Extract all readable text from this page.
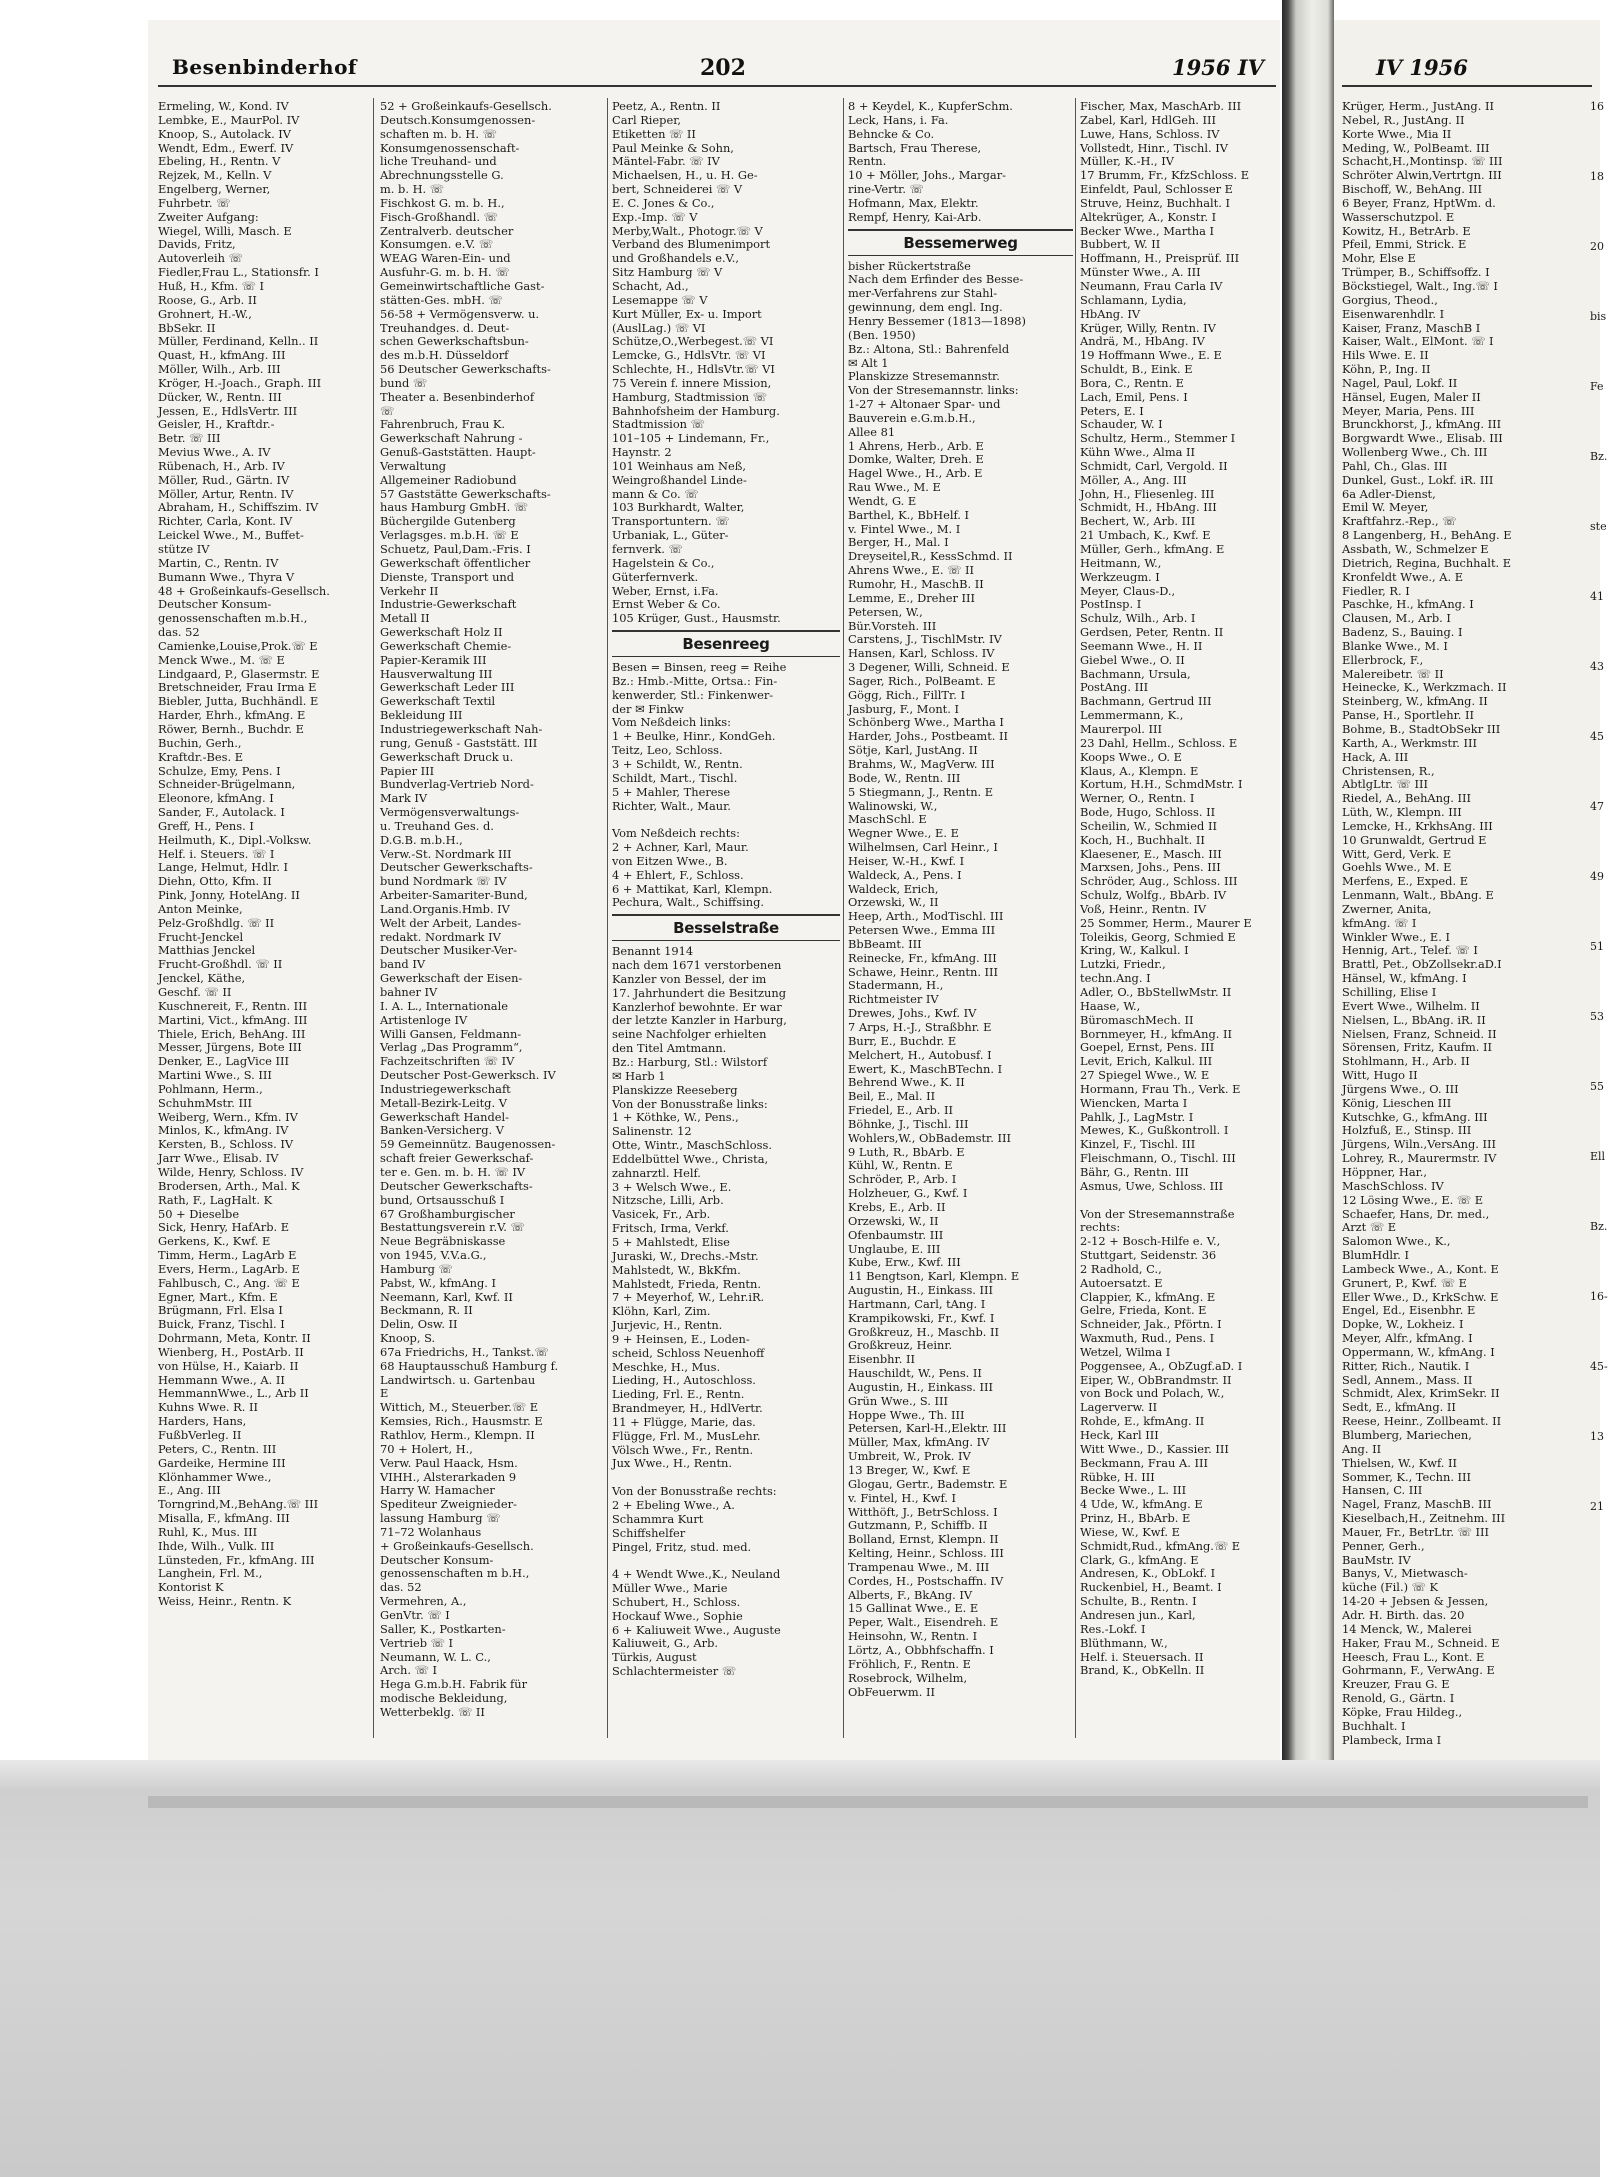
Besenbinderhof	202	1956 IV	IV 1956
Ermeling, W., Kond. IV
Lembke, E., MaurPol. IV
Knoop, S., Autolack. IV
Wendt, Edm., Ewerf. IV
Ebeling, H., Rentn. V
Rejzek, M., Kelln. V
Engelberg, Werner,
Fuhrbetr. ☏
Zweiter Aufgang:
Wiegel, Willi, Masch. E
Davids, Fritz,
Autoverleih ☏
Fiedler,Frau L., Stationsfr. I
Huß, H., Kfm. ☏ I
Roose, G., Arb. II
Grohnert, H.-W.,
BbSekr. II
Müller, Ferdinand, Kelln.. II
Quast, H., kfmAng. III
Möller, Wilh., Arb. III
Kröger, H.-Joach., Graph. III
Dücker, W., Rentn. III
Jessen, E., HdlsVertr. III
Geisler, H., Kraftdr.-
Betr. ☏ III
Mevius Wwe., A. IV
Rübenach, H., Arb. IV
Möller, Rud., Gärtn. IV
Möller, Artur, Rentn. IV
Abraham, H., Schiffszim. IV
Richter, Carla, Kont. IV
Leickel Wwe., M., Buffet-
stütze IV
Martin, C., Rentn. IV
Bumann Wwe., Thyra V
48 + Großeinkaufs-Gesellsch.
Deutscher Konsum-
genossenschaften m.b.H.,
das. 52
Camienke,Louise,Prok.☏ E
Menck Wwe., M. ☏ E
Lindgaard, P., Glasermstr. E
Bretschneider, Frau Irma E
Biebler, Jutta, Buchhändl. E
Harder, Ehrh., kfmAng. E
Röwer, Bernh., Buchdr. E
Buchin, Gerh.,
Kraftdr.-Bes. E
Schulze, Emy, Pens. I
Schneider-Brügelmann,
Eleonore, kfmAng. I
Sander, F., Autolack. I
Greff, H., Pens. I
Heilmuth, K., Dipl.-Volksw.
Helf. i. Steuers. ☏ I
Lange, Helmut, Hdlr. I
Diehn, Otto, Kfm. II
Pink, Jonny, HotelAng. II
Anton Meinke,
Pelz-Großhdlg. ☏ II
Frucht-Jenckel
Matthias Jenckel
Frucht-Großhdl. ☏ II
Jenckel, Käthe,
Geschf. ☏ II
Kuschnereit, F., Rentn. III
Martini, Vict., kfmAng. III
Thiele, Erich, BehAng. III
Messer, Jürgens, Bote III
Denker, E., LagVice III
Martini Wwe., S. III
Pohlmann, Herm.,
SchuhmMstr. III
Weiberg, Wern., Kfm. IV
Minlos, K., kfmAng. IV
Kersten, B., Schloss. IV
Jarr Wwe., Elisab. IV
Wilde, Henry, Schloss. IV
Brodersen, Arth., Mal. K
Rath, F., LagHalt. K
50 + Dieselbe
Sick, Henry, HafArb. E
Gerkens, K., Kwf. E
Timm, Herm., LagArb E
Evers, Herm., LagArb. E
Fahlbusch, C., Ang. ☏ E
Egner, Mart., Kfm. E
Brügmann, Frl. Elsa I
Buick, Franz, Tischl. I
Dohrmann, Meta, Kontr. II
Wienberg, H., PostArb. II
von Hülse, H., Kaiarb. II
Hemmann Wwe., A. II
HemmannWwe., L., Arb II
Kuhns Wwe. R. II
Harders, Hans,
FußbVerleg. II
Peters, C., Rentn. III
Gardeike, Hermine III
Klönhammer Wwe.,
E., Ang. III
Torngrind,M.,BehAng.☏ III
Misalla, F., kfmAng. III
Ruhl, K., Mus. III
Ihde, Wilh., Vulk. III
Lünsteden, Fr., kfmAng. III
Langhein, Frl. M.,
Kontorist K
Weiss, Heinr., Rentn. K
52 + Großeinkaufs-Gesellsch.
Deutsch.Konsumgenossen-
schaften m. b. H. ☏
Konsumgenossenschaft-
liche Treuhand- und
Abrechnungsstelle G.
m. b. H. ☏
Fischkost G. m. b. H.,
Fisch-Großhandl. ☏
Zentralverb. deutscher
Konsumgen. e.V. ☏
WEAG Waren-Ein- und
Ausfuhr-G. m. b. H. ☏
Gemeinwirtschaftliche Gast-
stätten-Ges. mbH. ☏
56-58 + Vermögensverw. u.
Treuhandges. d. Deut-
schen Gewerkschaftsbun-
des m.b.H. Düsseldorf
56 Deutscher Gewerkschafts-
bund ☏
Theater a. Besenbinderhof
☏
Fahrenbruch, Frau K.
Gewerkschaft Nahrung -
Genuß-Gaststätten. Haupt-
Verwaltung
Allgemeiner Radiobund
57 Gaststätte Gewerkschafts-
haus Hamburg GmbH. ☏
Büchergilde Gutenberg
Verlagsges. m.b.H. ☏ E
Schuetz, Paul,Dam.-Fris. I
Gewerkschaft öffentlicher
Dienste, Transport und
Verkehr II
Industrie-Gewerkschaft
Metall II
Gewerkschaft Holz II
Gewerkschaft Chemie-
Papier-Keramik III
Hausverwaltung III
Gewerkschaft Leder III
Gewerkschaft Textil
Bekleidung III
Industriegewerkschaft Nah-
rung, Genuß - Gaststätt. III
Gewerkschaft Druck u.
Papier III
Bundverlag-Vertrieb Nord-
Mark IV
Vermögensverwaltungs-
u. Treuhand Ges. d.
D.G.B. m.b.H.,
Verw.-St. Nordmark III
Deutscher Gewerkschafts-
bund Nordmark ☏ IV
Arbeiter-Samariter-Bund,
Land.Organis.Hmb. IV
Welt der Arbeit, Landes-
redakt. Nordmark IV
Deutscher Musiker-Ver-
band IV
Gewerkschaft der Eisen-
bahner IV
I. A. L., Internationale
Artistenloge IV
Willi Gansen, Feldmann-
Verlag „Das Programm“,
Fachzeitschriften ☏ IV
Deutscher Post-Gewerksch. IV
Industriegewerkschaft
Metall-Bezirk-Leitg. V
Gewerkschaft Handel-
Banken-Versicherg. V
59 Gemeinnütz. Baugenossen-
schaft freier Gewerkschaf-
ter e. Gen. m. b. H. ☏ IV
Deutscher Gewerkschafts-
bund, Ortsausschuß I
67 Großhamburgischer
Bestattungsverein r.V. ☏
Neue Begräbniskasse
von 1945, V.V.a.G.,
Hamburg ☏
Pabst, W., kfmAng. I
Neemann, Karl, Kwf. II
Beckmann, R. II
Delin, Osw. II
Knoop, S.
67a Friedrichs, H., Tankst.☏
68 Hauptausschuß Hamburg f.
Landwirtsch. u. Gartenbau
E
Wittich, M., Steuerber.☏ E
Kemsies, Rich., Hausmstr. E
Rathlov, Herm., Klempn. II
70 + Holert, H.,
Verw. Paul Haack, Hsm.
VIHH., Alsterarkaden 9
Harry W. Hamacher
Spediteur Zweignieder-
lassung Hamburg ☏
71–72 Wolanhaus
+ Großeinkaufs-Gesellsch.
Deutscher Konsum-
genossenschaften m b.H.,
das. 52
Vermehren, A.,
GenVtr. ☏ I
Saller, K., Postkarten-
Vertrieb ☏ I
Neumann, W. L. C.,
Arch. ☏ I
Hega G.m.b.H. Fabrik für
modische Bekleidung,
Wetterbeklg. ☏ II
Peetz, A., Rentn. II
Carl Rieper,
Etiketten ☏ II
Paul Meinke & Sohn,
Mäntel-Fabr. ☏ IV
Michaelsen, H., u. H. Ge-
bert, Schneiderei ☏ V
E. C. Jones & Co.,
Exp.-Imp. ☏ V
Merby,Walt., Photogr.☏ V
Verband des Blumenimport
und Großhandels e.V.,
Sitz Hamburg ☏ V
Schacht, Ad.,
Lesemappe ☏ V
Kurt Müller, Ex- u. Import
(AuslLag.) ☏ VI
Schütze,O.,Werbegest.☏ VI
Lemcke, G., HdlsVtr. ☏ VI
Schlechte, H., HdlsVtr.☏ VI
75 Verein f. innere Mission,
Hamburg, Stadtmission ☏
Bahnhofsheim der Hamburg.
Stadtmission ☏
101–105 + Lindemann, Fr.,
Haynstr. 2
101 Weinhaus am Neß,
Weingroßhandel Linde-
mann & Co. ☏
103 Burkhardt, Walter,
Transportuntern. ☏
Urbaniak, L., Güter-
fernverk. ☏
Hagelstein & Co.,
Güterfernverk.
Weber, Ernst, i.Fa.
Ernst Weber & Co.
105 Krüger, Gust., Hausmstr.
Besenreeg
Besen = Binsen, reeg = Reihe
Bz.: Hmb.-Mitte, Ortsa.: Fin-
kenwerder, Stl.: Finkenwer-
der ✉ Finkw
Vom Neßdeich links:
1 + Beulke, Hinr., KondGeh.
Teitz, Leo, Schloss.
3 + Schildt, W., Rentn.
Schildt, Mart., Tischl.
5 + Mahler, Therese
Richter, Walt., Maur.
Vom Neßdeich rechts:
2 + Achner, Karl, Maur.
von Eitzen Wwe., B.
4 + Ehlert, F., Schloss.
6 + Mattikat, Karl, Klempn.
Pechura, Walt., Schiffsing.
Besselstraße
Benannt 1914
nach dem 1671 verstorbenen
Kanzler von Bessel, der im
17. Jahrhundert die Besitzung
Kanzlerhof bewohnte. Er war
der letzte Kanzler in Harburg,
seine Nachfolger erhielten
den Titel Amtmann.
Bz.: Harburg, Stl.: Wilstorf
✉ Harb 1
Planskizze Reeseberg
Von der Bonusstraße links:
1 + Köthke, W., Pens.,
Salinenstr. 12
Otte, Wintr., MaschSchloss.
Eddelbüttel Wwe., Christa,
zahnarztl. Helf.
3 + Welsch Wwe., E.
Nitzsche, Lilli, Arb.
Vasicek, Fr., Arb.
Fritsch, Irma, Verkf.
5 + Mahlstedt, Elise
Juraski, W., Drechs.-Mstr.
Mahlstedt, W., BkKfm.
Mahlstedt, Frieda, Rentn.
7 + Meyerhof, W., Lehr.iR.
Klöhn, Karl, Zim.
Jurjevic, H., Rentn.
9 + Heinsen, E., Loden-
scheid, Schloss Neuenhoff
Meschke, H., Mus.
Lieding, H., Autoschloss.
Lieding, Frl. E., Rentn.
Brandmeyer, H., HdlVertr.
11 + Flügge, Marie, das.
Flügge, Frl. M., MusLehr.
Völsch Wwe., Fr., Rentn.
Jux Wwe., H., Rentn.
Von der Bonusstraße rechts:
2 + Ebeling Wwe., A.
Schammra Kurt
Schiffshelfer
Pingel, Fritz, stud. med.
4 + Wendt Wwe.,K., Neuland
Müller Wwe., Marie
Schubert, H., Schloss.
Hockauf Wwe., Sophie
6 + Kaliuweit Wwe., Auguste
Kaliuweit, G., Arb.
Türkis, August
Schlachtermeister ☏
8 + Keydel, K., KupferSchm.
Leck, Hans, i. Fa.
Behncke & Co.
Bartsch, Frau Therese,
Rentn.
10 + Möller, Johs., Margar-
rine-Vertr. ☏
Hofmann, Max, Elektr.
Rempf, Henry, Kai-Arb.
Bessemerweg
bisher Rückertstraße
Nach dem Erfinder des Besse-
mer-Verfahrens zur Stahl-
gewinnung, dem engl. Ing.
Henry Bessemer (1813—1898)
(Ben. 1950)
Bz.: Altona, Stl.: Bahrenfeld
✉ Alt 1
Planskizze Stresemannstr.
Von der Stresemannstr. links:
1-27 + Altonaer Spar- und
Bauverein e.G.m.b.H.,
Allee 81
1 Ahrens, Herb., Arb. E
Domke, Walter, Dreh. E
Hagel Wwe., H., Arb. E
Rau Wwe., M. E
Wendt, G. E
Barthel, K., BbHelf. I
v. Fintel Wwe., M. I
Berger, H., Mal. I
Dreyseitel,R., KessSchmd. II
Ahrens Wwe., E. ☏ II
Rumohr, H., MaschB. II
Lemme, E., Dreher III
Petersen, W.,
Bür.Vorsteh. III
Carstens, J., TischlMstr. IV
Hansen, Karl, Schloss. IV
3 Degener, Willi, Schneid. E
Sager, Rich., PolBeamt. E
Gögg, Rich., FillTr. I
Jasburg, F., Mont. I
Schönberg Wwe., Martha I
Harder, Johs., Postbeamt. II
Sötje, Karl, JustAng. II
Brahms, W., MagVerw. III
Bode, W., Rentn. III
5 Stiegmann, J., Rentn. E
Walinowski, W.,
MaschSchl. E
Wegner Wwe., E. E
Wilhelmsen, Carl Heinr., I
Heiser, W.-H., Kwf. I
Waldeck, A., Pens. I
Waldeck, Erich,
Orzewski, W., II
Heep, Arth., ModTischl. III
Petersen Wwe., Emma III
BbBeamt. III
Reinecke, Fr., kfmAng. III
Schawe, Heinr., Rentn. III
Stadermann, H.,
Richtmeister IV
Drewes, Johs., Kwf. IV
7 Arps, H.-J., Straßbhr. E
Burr, E., Buchdr. E
Melchert, H., Autobusf. I
Ewert, K., MaschBTechn. I
Behrend Wwe., K. II
Beil, E., Mal. II
Friedel, E., Arb. II
Böhnke, J., Tischl. III
Wohlers,W., ObBademstr. III
9 Luth, R., BbArb. E
Kühl, W., Rentn. E
Schröder, P., Arb. I
Holzheuer, G., Kwf. I
Krebs, E., Arb. II
Orzewski, W., II
Ofenbaumstr. III
Unglaube, E. III
Kube, Erw., Kwf. III
11 Bengtson, Karl, Klempn. E
Augustin, H., Einkass. III
Hartmann, Carl, tAng. I
Krampikowski, Fr., Kwf. I
Großkreuz, H., Maschb. II
Großkreuz, Heinr.
Eisenbhr. II
Hauschildt, W., Pens. II
Augustin, H., Einkass. III
Grün Wwe., S. III
Hoppe Wwe., Th. III
Petersen, Karl-H.,Elektr. III
Müller, Max, kfmAng. IV
Umbreit, W., Prok. IV
13 Breger, W., Kwf. E
Glogau, Gertr., Bademstr. E
v. Fintel, H., Kwf. I
Witthöft, J., BetrSchloss. I
Gutzmann, P., Schiffb. II
Bolland, Ernst, Klempn. II
Kelting, Heinr., Schloss. III
Trampenau Wwe., M. III
Cordes, H., Postschaffn. IV
Alberts, F., BkAng. IV
15 Gallinat Wwe., E. E
Peper, Walt., Eisendreh. E
Heinsohn, W., Rentn. I
Lörtz, A., Obbhfschaffn. I
Fröhlich, F., Rentn. E
Rosebrock, Wilhelm,
ObFeuerwm. II
Fischer, Max, MaschArb. III
Zabel, Karl, HdlGeh. III
Luwe, Hans, Schloss. IV
Vollstedt, Hinr., Tischl. IV
Müller, K.-H., IV
17 Brumm, Fr., KfzSchloss. E
Einfeldt, Paul, Schlosser E
Struve, Heinz, Buchhalt. I
Altekrüger, A., Konstr. I
Becker Wwe., Martha I
Bubbert, W. II
Hoffmann, H., Preisprüf. III
Münster Wwe., A. III
Neumann, Frau Carla IV
Schlamann, Lydia,
HbAng. IV
Krüger, Willy, Rentn. IV
Andrä, M., HbAng. IV
19 Hoffmann Wwe., E. E
Schuldt, B., Eink. E
Bora, C., Rentn. E
Lach, Emil, Pens. I
Peters, E. I
Schauder, W. I
Schultz, Herm., Stemmer I
Kühn Wwe., Alma II
Schmidt, Carl, Vergold. II
Möller, A., Ang. III
John, H., Fliesenleg. III
Schmidt, H., HbAng. III
Bechert, W., Arb. III
21 Umbach, K., Kwf. E
Müller, Gerh., kfmAng. E
Heitmann, W.,
Werkzeugm. I
Meyer, Claus-D.,
PostInsp. I
Schulz, Wilh., Arb. I
Gerdsen, Peter, Rentn. II
Seemann Wwe., H. II
Giebel Wwe., O. II
Bachmann, Ursula,
PostAng. III
Bachmann, Gertrud III
Lemmermann, K.,
Maurerpol. III
23 Dahl, Hellm., Schloss. E
Koops Wwe., O. E
Klaus, A., Klempn. E
Kortum, H.H., SchmdMstr. I
Werner, O., Rentn. I
Bode, Hugo, Schloss. II
Scheilin, W., Schmied II
Koch, H., Buchhalt. II
Klaesener, E., Masch. III
Marxsen, Johs., Pens. III
Schröder, Aug., Schloss. III
Schulz, Wolfg., BbArb. IV
Voß, Heinr., Rentn. IV
25 Sommer, Herm., Maurer E
Toleikis, Georg, Schmied E
Kring, W., Kalkul. I
Lutzki, Friedr.,
techn.Ang. I
Adler, O., BbStellwMstr. II
Haase, W.,
BüromaschMech. II
Bornmeyer, H., kfmAng. II
Goepel, Ernst, Pens. III
Levit, Erich, Kalkul. III
27 Spiegel Wwe., W. E
Hormann, Frau Th., Verk. E
Wiencken, Marta I
Pahlk, J., LagMstr. I
Mewes, K., Gußkontroll. I
Kinzel, F., Tischl. III
Fleischmann, O., Tischl. III
Bähr, G., Rentn. III
Asmus, Uwe, Schloss. III
Von der Stresemannstraße
rechts:
2-12 + Bosch-Hilfe e. V.,
Stuttgart, Seidenstr. 36
2 Radhold, C.,
Autoersatzt. E
Clappier, K., kfmAng. E
Gelre, Frieda, Kont. E
Schneider, Jak., Pförtn. I
Waxmuth, Rud., Pens. I
Wetzel, Wilma I
Poggensee, A., ObZugf.aD. I
Eiper, W., ObBrandmstr. II
von Bock und Polach, W.,
Lagerverw. II
Rohde, E., kfmAng. II
Heck, Karl III
Witt Wwe., D., Kassier. III
Beckmann, Frau A. III
Rübke, H. III
Becke Wwe., L. III
4 Ude, W., kfmAng. E
Prinz, H., BbArb. E
Wiese, W., Kwf. E
Schmidt,Rud., kfmAng.☏ E
Clark, G., kfmAng. E
Andresen, K., ObLokf. I
Ruckenbiel, H., Beamt. I
Schulte, B., Rentn. I
Andresen jun., Karl,
Res.-Lokf. I
Blüthmann, W.,
Helf. i. Steuersach. II
Brand, K., ObKelln. II
Krüger, Herm., JustAng. II
Nebel, R., JustAng. II
Korte Wwe., Mia II
Meding, W., PolBeamt. III
Schacht,H.,Montinsp. ☏ III
Schröter Alwin,Vertrtgn. III
Bischoff, W., BehAng. III
6 Beyer, Franz, HptWm. d.
Wasserschutzpol. E
Kowitz, H., BetrArb. E
Pfeil, Emmi, Strick. E
Mohr, Else E
Trümper, B., Schiffsoffz. I
Böckstiegel, Walt., Ing.☏ I
Gorgius, Theod.,
Eisenwarenhdlr. I
Kaiser, Franz, MaschB I
Kaiser, Walt., ElMont. ☏ I
Hils Wwe. E. II
Köhn, P., Ing. II
Nagel, Paul, Lokf. II
Hänsel, Eugen, Maler II
Meyer, Maria, Pens. III
Brunckhorst, J., kfmAng. III
Borgwardt Wwe., Elisab. III
Wollenberg Wwe., Ch. III
Pahl, Ch., Glas. III
Dunkel, Gust., Lokf. iR. III
6a Adler-Dienst,
Emil W. Meyer,
Kraftfahrz.-Rep., ☏
8 Langenberg, H., BehAng. E
Assbath, W., Schmelzer E
Dietrich, Regina, Buchhalt. E
Kronfeldt Wwe., A. E
Fiedler, R. I
Paschke, H., kfmAng. I
Clausen, M., Arb. I
Badenz, S., Bauing. I
Blanke Wwe., M. I
Ellerbrock, F.,
Malereibetr. ☏ II
Heinecke, K., Werkzmach. II
Steinberg, W., kfmAng. II
Panse, H., Sportlehr. II
Bohme, B., StadtObSekr III
Karth, A., Werkmstr. III
Hack, A. III
Christensen, R.,
AbtlgLtr. ☏ III
Riedel, A., BehAng. III
Lüth, W., Klempn. III
Lemcke, H., KrkhsAng. III
10 Grunwaldt, Gertrud E
Witt, Gerd, Verk. E
Goehls Wwe., M. E
Merfens, E., Exped. E
Lenmann, Walt., BbAng. E
Zwerner, Anita,
kfmAng. ☏ I
Winkler Wwe., E. I
Hennig, Art., Telef. ☏ I
Brattl, Pet., ObZollsekr.aD.I
Hänsel, W., kfmAng. I
Schilling, Elise I
Evert Wwe., Wilhelm. II
Nielsen, L., BbAng. iR. II
Nielsen, Franz, Schneid. II
Sörensen, Fritz, Kaufm. II
Stohlmann, H., Arb. II
Witt, Hugo II
Jürgens Wwe., O. III
König, Lieschen III
Kutschke, G., kfmAng. III
Holzfuß, E., Stinsp. III
Jürgens, Wiln.,VersAng. III
Lohrey, R., Maurermstr. IV
Höppner, Har.,
MaschSchloss. IV
12 Lösing Wwe., E. ☏ E
Schaefer, Hans, Dr. med.,
Arzt ☏ E
Salomon Wwe., K.,
BlumHdlr. I
Lambeck Wwe., A., Kont. E
Grunert, P., Kwf. ☏ E
Eller Wwe., D., KrkSchw. E
Engel, Ed., Eisenbhr. E
Dopke, W., Lokheiz. I
Meyer, Alfr., kfmAng. I
Oppermann, W., kfmAng. I
Ritter, Rich., Nautik. I
Sedl, Annem., Mass. II
Schmidt, Alex, KrimSekr. II
Sedt, E., kfmAng. II
Reese, Heinr., Zollbeamt. II
Blumberg, Mariechen,
Ang. II
Thielsen, W., Kwf. II
Sommer, K., Techn. III
Hansen, C. III
Nagel, Franz, MaschB. III
Kieselbach,H., Zeitnehm. III
Mauer, Fr., BetrLtr. ☏ III
Penner, Gerh.,
BauMstr. IV
Banys, V., Mietwasch-
küche (Fil.) ☏ K
14-20 + Jebsen & Jessen,
Adr. H. Birth. das. 20
14 Menck, W., Malerei
Haker, Frau M., Schneid. E
Heesch, Frau L., Kont. E
Gohrmann, F., VerwAng. E
Kreuzer, Frau G. E
Renold, G., Gärtn. I
Köpke, Frau Hildeg.,
Buchhalt. I
Plambeck, Irma I
16
18
20
bis
Fe
Bz.
ste
41
43
45
47
49
51
53
55
Ell
Bz.
16-
45-
13
21
